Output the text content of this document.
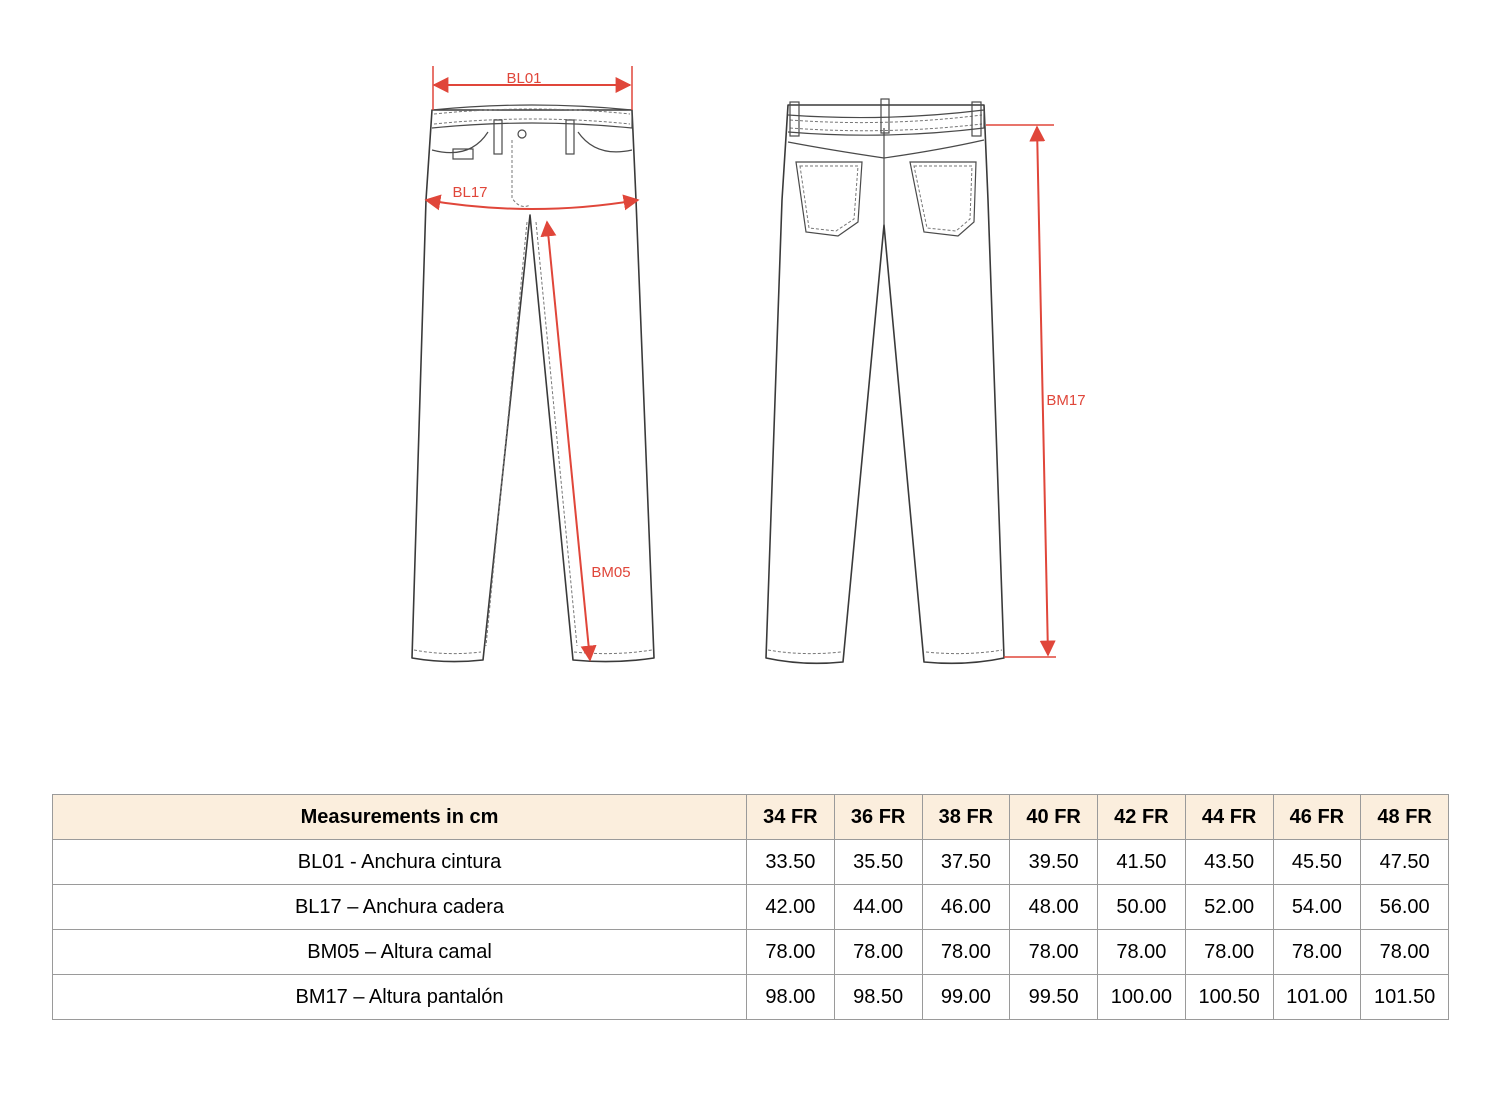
BL01
BL17
BM05
BM17
Measurements in cm	34 FR	36 FR	38 FR	40 FR	42 FR	44 FR	46 FR	48 FR
BL01 - Anchura cintura	33.50	35.50	37.50	39.50	41.50	43.50	45.50	47.50
BL17 – Anchura cadera	42.00	44.00	46.00	48.00	50.00	52.00	54.00	56.00
BM05 – Altura camal	78.00	78.00	78.00	78.00	78.00	78.00	78.00	78.00
BM17 – Altura pantalón	98.00	98.50	99.00	99.50	100.00	100.50	101.00	101.50
